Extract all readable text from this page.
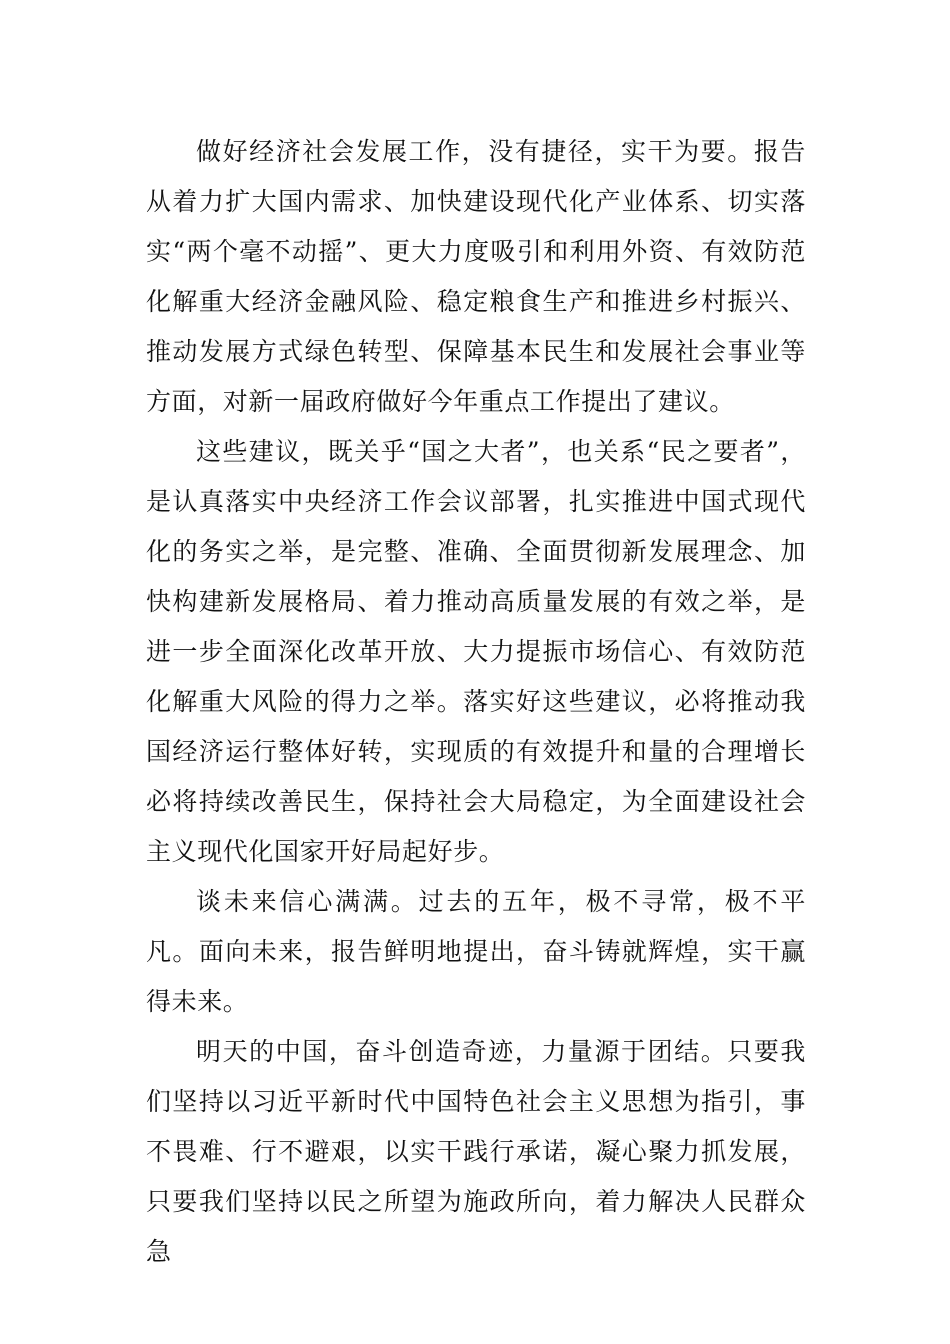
做好经济社会发展工作，没有捷径，实干为要。报告从着力扩大国内需求、加快建设现代化产业体系、切实落实“两个毫不动摇”、更大力度吸引和利用外资、有效防范化解重大经济金融风险、稳定粮食生产和推进乡村振兴、推动发展方式绿色转型、保障基本民生和发展社会事业等方面，对新一届政府做好今年重点工作提出了建议。

这些建议，既关乎“国之大者”，也关系“民之要者”，是认真落实中央经济工作会议部署，扎实推进中国式现代化的务实之举，是完整、准确、全面贯彻新发展理念、加快构建新发展格局、着力推动高质量发展的有效之举，是进一步全面深化改革开放、大力提振市场信心、有效防范化解重大风险的得力之举。落实好这些建议，必将推动我国经济运行整体好转，实现质的有效提升和量的合理增长必将持续改善民生，保持社会大局稳定，为全面建设社会主义现代化国家开好局起好步。

谈未来信心满满。过去的五年，极不寻常，极不平凡。面向未来，报告鲜明地提出，奋斗铸就辉煌，实干赢得未来。

明天的中国，奋斗创造奇迹，力量源于团结。只要我们坚持以习近平新时代中国特色社会主义思想为指引，事不畏难、行不避艰，以实干践行承诺，凝心聚力抓发展，只要我们坚持以民之所望为施政所向，着力解决人民群众急
